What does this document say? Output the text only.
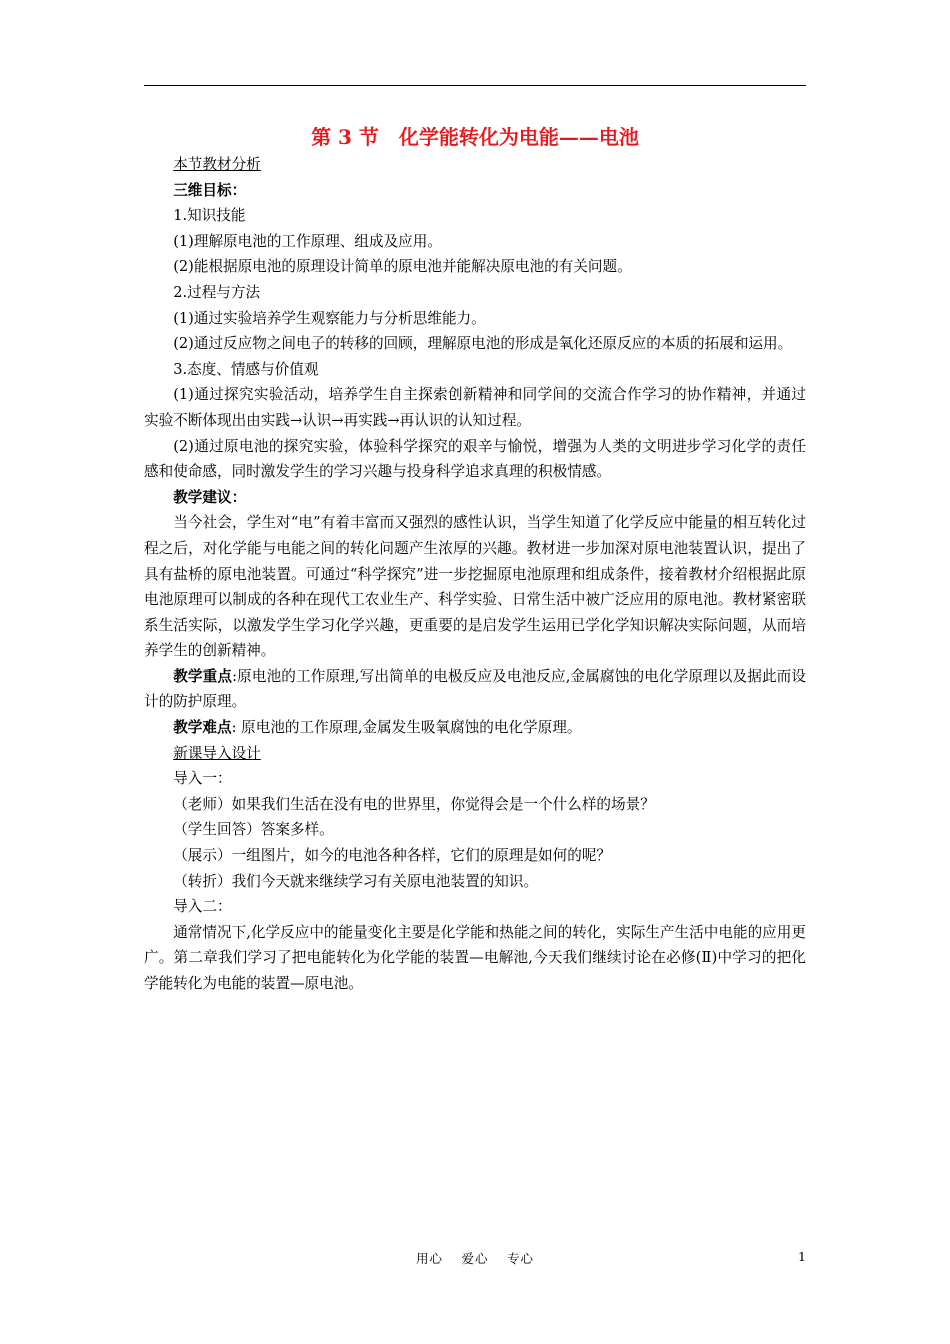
第 3 节　化学能转化为电能——电池

本节教材分析

三维目标：

1.知识技能

(1)理解原电池的工作原理、组成及应用。

(2)能根据原电池的原理设计简单的原电池并能解决原电池的有关问题。

2.过程与方法

(1)通过实验培养学生观察能力与分析思维能力。

(2)通过反应物之间电子的转移的回顾，理解原电池的形成是氧化还原反应的本质的拓展和运用。

3.态度、情感与价值观

(1)通过探究实验活动，培养学生自主探索创新精神和同学间的交流合作学习的协作精神，并通过实验不断体现出由实践→认识→再实践→再认识的认知过程。

(2)通过原电池的探究实验，体验科学探究的艰辛与愉悦，增强为人类的文明进步学习化学的责任感和使命感，同时激发学生的学习兴趣与投身科学追求真理的积极情感。

教学建议：

当今社会，学生对“电”有着丰富而又强烈的感性认识，当学生知道了化学反应中能量的相互转化过程之后，对化学能与电能之间的转化问题产生浓厚的兴趣。教材进一步加深对原电池装置认识，提出了具有盐桥的原电池装置。可通过“科学探究”进一步挖掘原电池原理和组成条件，接着教材介绍根据此原电池原理可以制成的各种在现代工农业生产、科学实验、日常生活中被广泛应用的原电池。教材紧密联系生活实际，以激发学生学习化学兴趣，更重要的是启发学生运用已学化学知识解决实际问题，从而培养学生的创新精神。

教学重点:原电池的工作原理,写出简单的电极反应及电池反应,金属腐蚀的电化学原理以及据此而设计的防护原理。

教学难点: 原电池的工作原理,金属发生吸氧腐蚀的电化学原理。

新课导入设计

导入一：

（老师）如果我们生活在没有电的世界里，你觉得会是一个什么样的场景？

（学生回答）答案多样。

（展示）一组图片，如今的电池各种各样，它们的原理是如何的呢？

（转折）我们今天就来继续学习有关原电池装置的知识。

导入二：

通常情况下,化学反应中的能量变化主要是化学能和热能之间的转化，实际生产生活中电能的应用更广。第二章我们学习了把电能转化为化学能的装置—电解池,今天我们继续讨论在必修(Ⅱ)中学习的把化学能转化为电能的装置—原电池。

用心　 爱心　 专心	1
